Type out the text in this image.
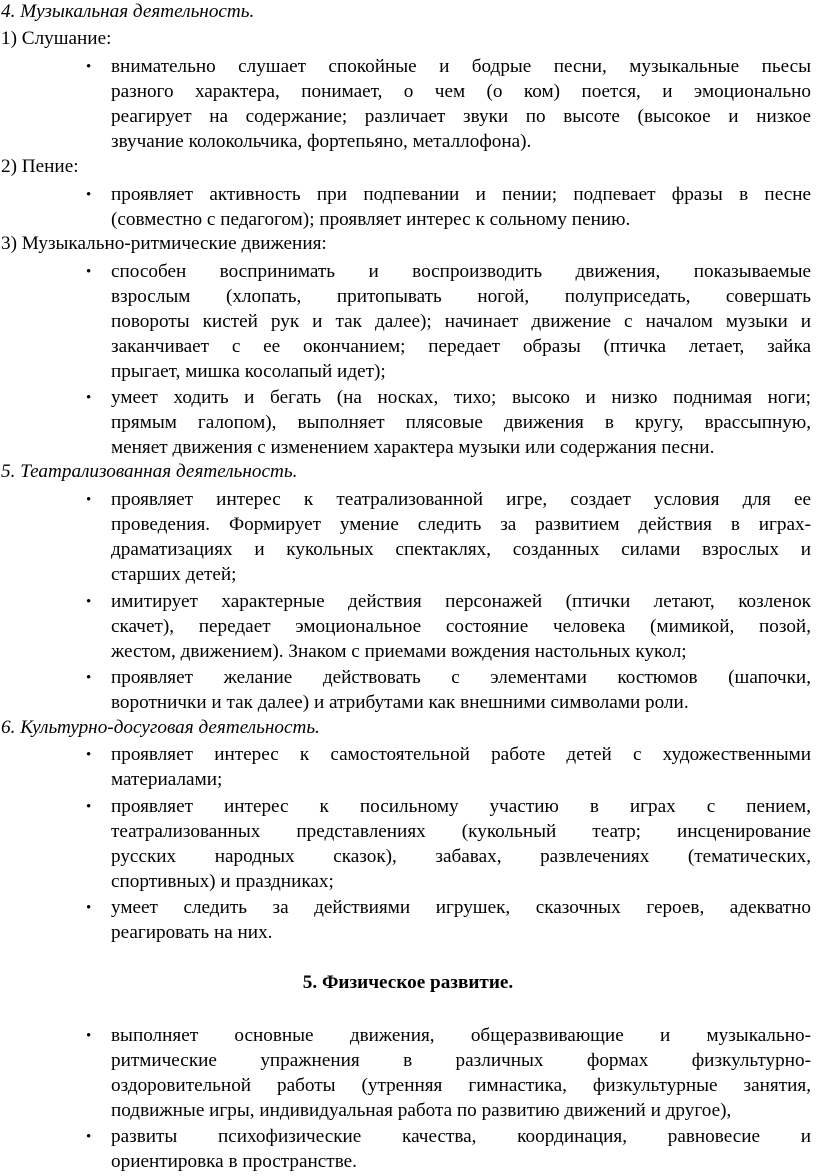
4. Музыкальная деятельность.
1) Слушание:
•	внимательно слушает спокойные и бодрые песни, музыкальные пьесы
разного характера, понимает, о чем (о ком) поется, и эмоционально
реагирует на содержание; различает звуки по высоте (высокое и низкое
звучание колокольчика, фортепьяно, металлофона).
2) Пение:
•	проявляет активность при подпевании и пении; подпевает фразы в песне
(совместно с педагогом); проявляет интерес к сольному пению.
3) Музыкально-ритмические движения:
•	способен воспринимать и воспроизводить движения, показываемые
взрослым (хлопать, притопывать ногой, полуприседать, совершать
повороты кистей рук и так далее); начинает движение с началом музыки и
заканчивает с ее окончанием; передает образы (птичка летает, зайка
прыгает, мишка косолапый идет);
•	умеет ходить и бегать (на носках, тихо; высоко и низко поднимая ноги;
прямым галопом), выполняет плясовые движения в кругу, врассыпную,
меняет движения с изменением характера музыки или содержания песни.
5. Театрализованная деятельность.
•	проявляет интерес к театрализованной игре, создает условия для ее
проведения. Формирует умение следить за развитием действия в играх-
драматизациях и кукольных спектаклях, созданных силами взрослых и
старших детей;
•	имитирует характерные действия персонажей (птички летают, козленок
скачет), передает эмоциональное состояние человека (мимикой, позой,
жестом, движением). Знаком с приемами вождения настольных кукол;
•	проявляет желание действовать с элементами костюмов (шапочки,
воротнички и так далее) и атрибутами как внешними символами роли.
6. Культурно-досуговая деятельность.
•	проявляет интерес к самостоятельной работе детей с художественными
материалами;
•	проявляет интерес к посильному участию в играх с пением,
театрализованных представлениях (кукольный театр; инсценирование
русских народных сказок), забавах, развлечениях (тематических,
спортивных) и праздниках;
•	умеет следить за действиями игрушек, сказочных героев, адекватно
реагировать на них.
5. Физическое развитие.
•	выполняет основные движения, общеразвивающие и музыкально-
ритмические упражнения в различных формах физкультурно-
оздоровительной работы (утренняя гимнастика, физкультурные занятия,
подвижные игры, индивидуальная работа по развитию движений и другое),
•	развиты психофизические качества, координация, равновесие и
ориентировка в пространстве.
